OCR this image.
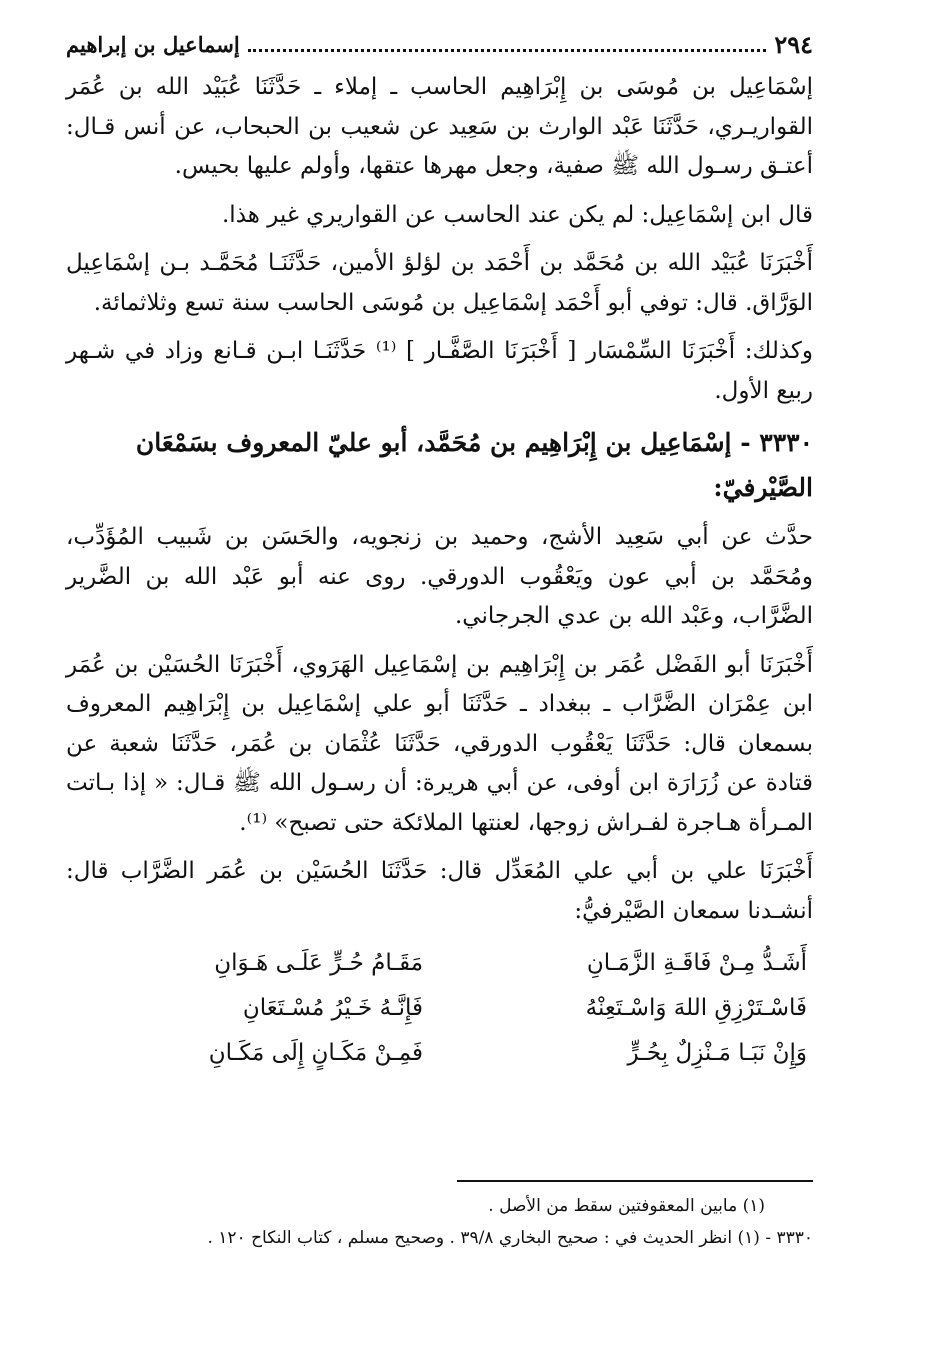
٢٩٤
إسماعيل بن إبراهيم

إسْمَاعِيل بن مُوسَى بن إِبْرَاهِيم الحاسب ـ إملاء ـ حَدَّثَنَا عُبَيْد الله بن عُمَر القواريـري، حَدَّثَنَا عَبْد الوارث بن سَعِيد عن شعيب بن الحبحاب، عن أنس قـال: أعتـق رسـول الله ﷺ صفية، وجعل مهرها عتقها، وأولم عليها بحيس.

قال ابن إسْمَاعِيل: لم يكن عند الحاسب عن القواريري غير هذا.

أَخْبَرَنَا عُبَيْد الله بن مُحَمَّد بن أَحْمَد بن لؤلؤ الأمين، حَدَّثَنَـا مُحَمَّـد بـن إسْمَاعِيل الوَرَّاق. قال: توفي أبو أَحْمَد إسْمَاعِيل بن مُوسَى الحاسب سنة تسع وثلاثمائة.

وكذلك: أَخْبَرَنَا السِّمْسَار [ أَخْبَرَنَا الصَّفَّـار ] ⁽¹⁾ حَدَّثَنَـا ابـن قـانع وزاد في شـهر ربيع الأول.

٣٣٣٠ - إسْمَاعِيل بن إِبْرَاهِيم بن مُحَمَّد، أبو عليّ المعروف بسَمْعَان الصَّيْرفيّ:

حدَّث عن أبي سَعِيد الأشج، وحميد بن زنجويه، والحَسَن بن شَبيب المُؤَدِّب، ومُحَمَّد بن أبي عون ويَعْقُوب الدورقي. روى عنه أبو عَبْد الله بن الضَّرير الضَّرَّاب، وعَبْد الله بن عدي الجرجاني.

أَخْبَرَنَا أبو الفَضْل عُمَر بن إِبْرَاهِيم بن إسْمَاعِيل الهَرَوي، أَخْبَرَنَا الحُسَيْن بن عُمَر ابن عِمْرَان الضَّرَّاب ـ ببغداد ـ حَدَّثَنَا أبو علي إسْمَاعِيل بن إِبْرَاهِيم المعروف بسمعان قال: حَدَّثَنَا يَعْقُوب الدورقي، حَدَّثَنَا عُثْمَان بن عُمَر، حَدَّثَنَا شعبة عن قتادة عن زُرَارَة ابن أوفى، عن أبي هريرة: أن رسـول الله ﷺ قـال: « إذا بـاتت المـرأة هـاجرة لفـراش زوجها، لعنتها الملائكة حتى تصبح» ⁽¹⁾.

أَخْبَرَنَا علي بن أبي علي المُعَدِّل قال: حَدَّثَنَا الحُسَيْن بن عُمَر الضَّرَّاب قال: أنشـدنا سمعان الصَّيْرفيُّ:

أَشَـدُّ مِـنْ فَاقَـةِ الزَّمَـانِ
مَقَـامُ حُـرٍّ عَلَـى هَـوَانِ
فَاسْـتَرْزِقِ اللهَ وَاسْـتَعِنْهُ
فَإِنَّـهُ خَـيْرُ مُسْـتَعَانِ
وَإِنْ نَبَـا مَـنْزِلٌ بِحُـرٍّ
فَمِـنْ مَكَـانٍ إِلَى مَكَـانِ
(١) مابين المعقوفتين سقط من الأصل .
٣٣٣٠ - (١) انظر الحديث في : صحيح البخاري ٣٩/٨ . وصحيح مسلم ، كتاب النكاح ١٢٠ .
